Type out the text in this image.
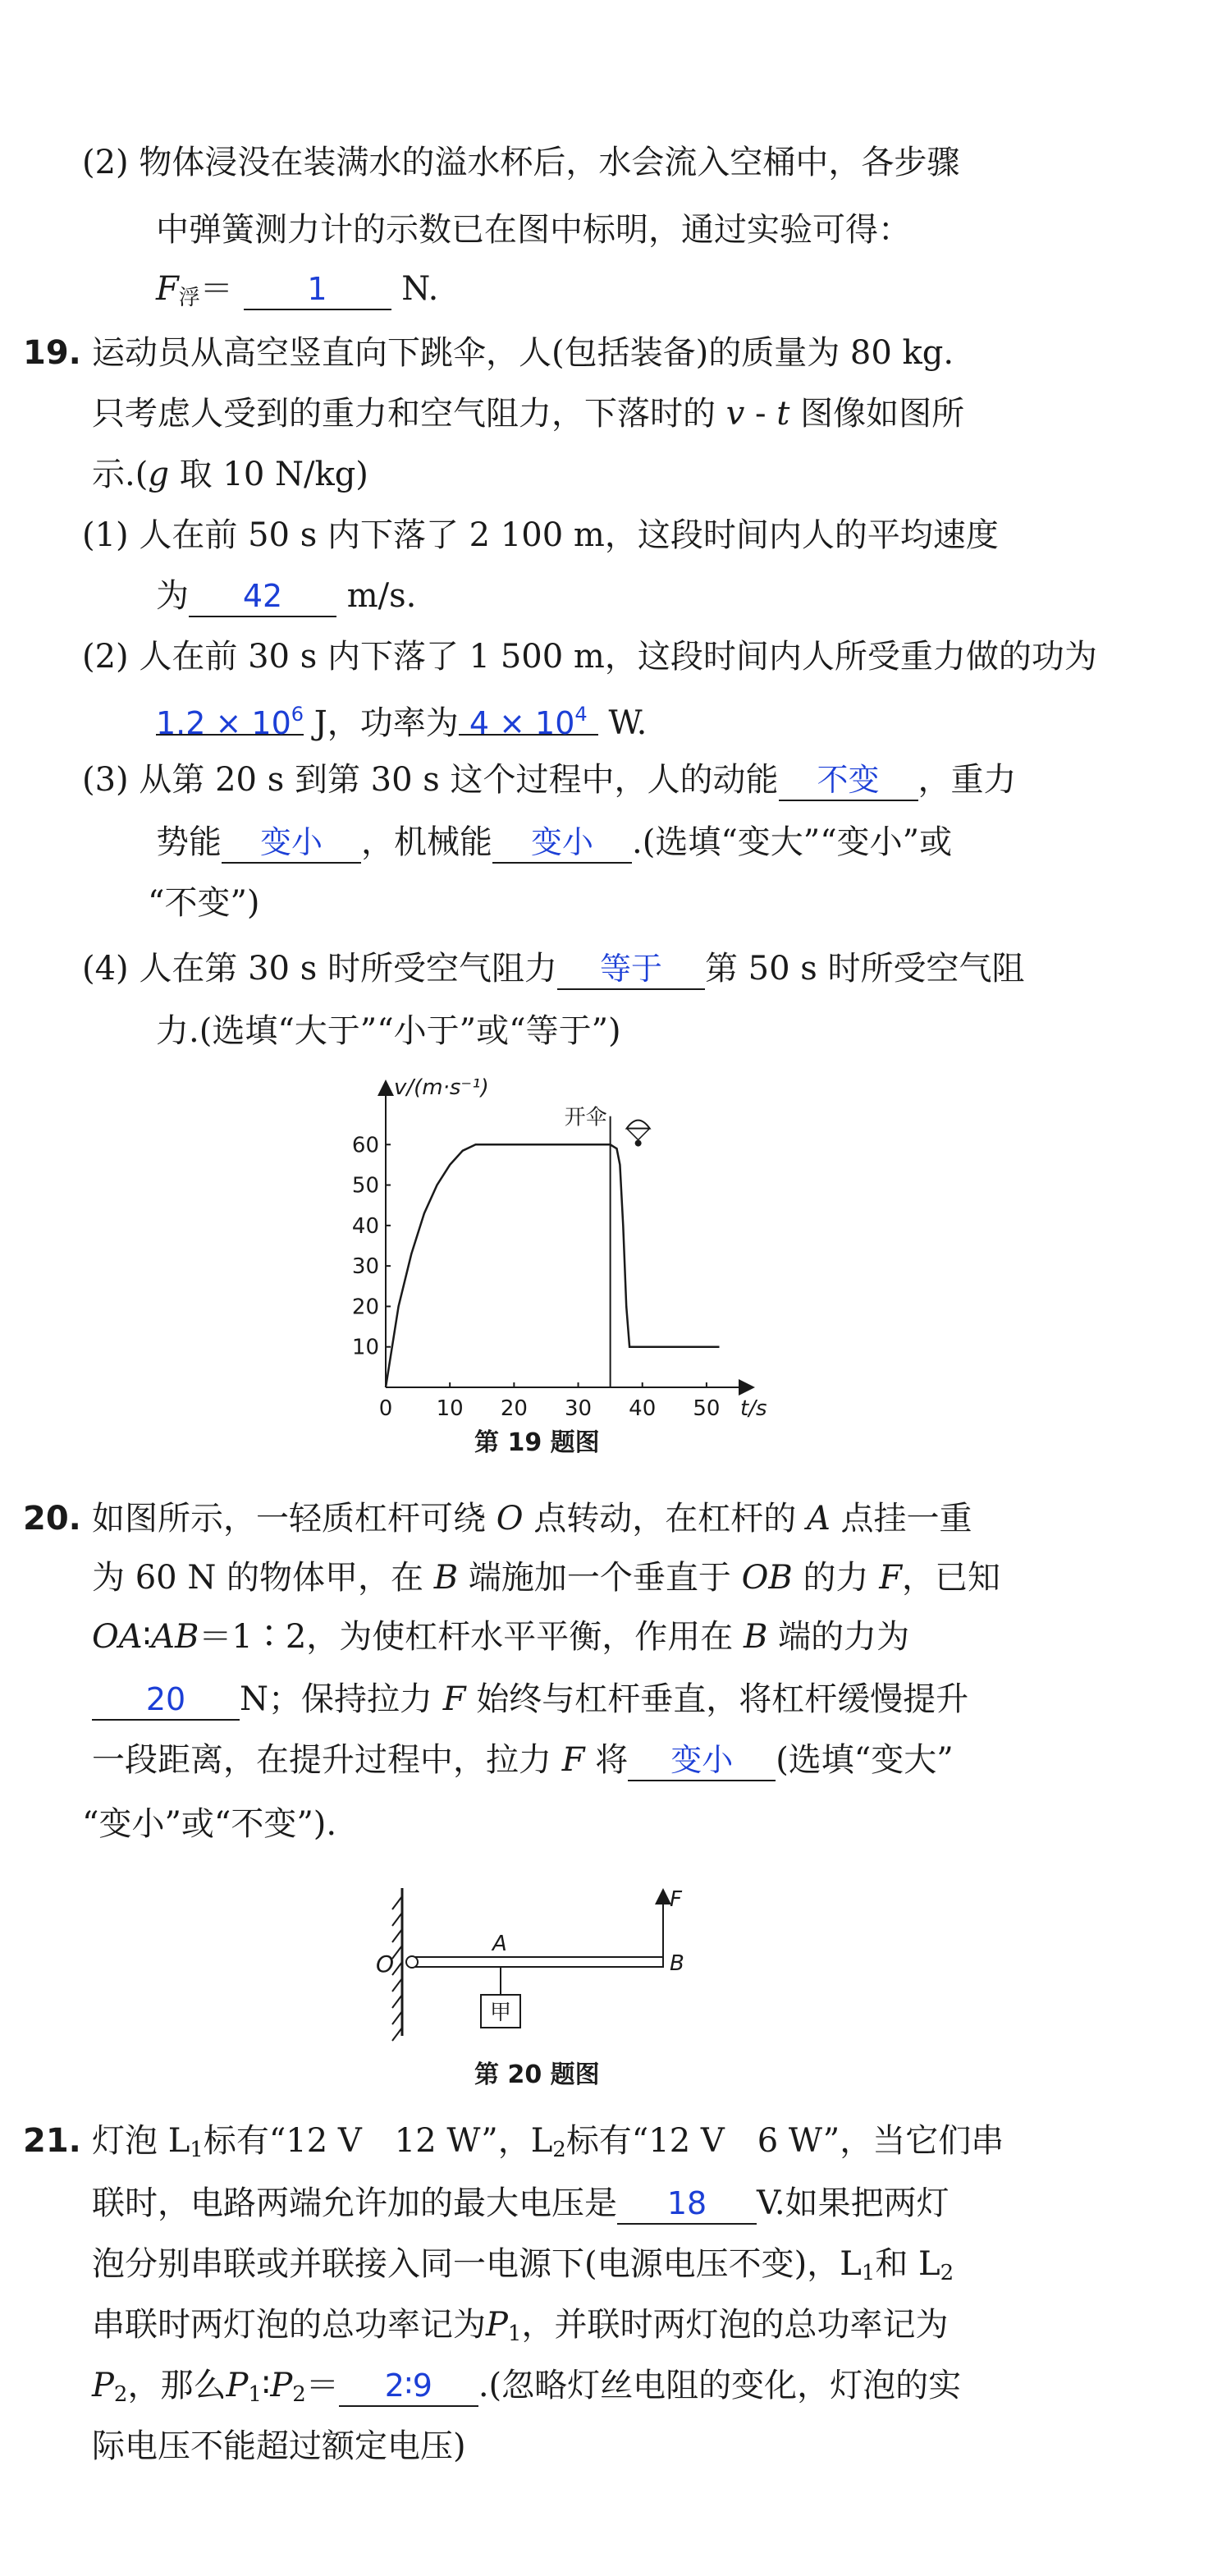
(2) 物体浸没在装满水的溢水杯后，水会流入空桶中，各步骤
中弹簧测力计的示数已在图中标明，通过实验可得：
$F_浮= 1$ N.
19. 运动员从高空竖直向下跳伞，人(包括装备)的质量为 80 kg.
只考虑人受到的重力和空气阻力，下落时的 v - t 图像如图所
示.(g 取 10 N/kg)
(1) 人在前 50 s 内下落了 2 100 m，这段时间内人的平均速度
为 42 m/s.
(2) 人在前 30 s 内下落了 1 500 m，这段时间内人所受重力做的功为
$1.2 \times 10^6$ J，功率为 $4 \times 10^4$ W.
(3) 从第 20 s 到第 30 s 这个过程中，人的动能 不变 ，重力
势能 变小 ，机械能 变小 .(选填“变大”“变小”或
“不变”)
(4) 人在第 30 s 时所受空气阻力 等于 第 50 s 时所受空气阻
力.(选填“大于”“小于”或“等于”)
v/(m·s⁻¹)
t/s
0 10 20 30 40 50
10
20
30
40
50
60
开伞
第 19 题图
20. 如图所示，一轻质杠杆可绕 O 点转动，在杠杆的 A 点挂一重
为 60 N 的物体甲，在 B 端施加一个垂直于 OB 的力 F，已知
OA∶AB＝1∶2，为使杠杆水平平衡，作用在 B 端的力为
20 N；保持拉力 F 始终与杠杆垂直，将杠杆缓慢提升
一段距离，在提升过程中，拉力 F 将 变小 (选填“变大”
“变小”或“不变”).
甲
O
A
B
F
第 20 题图
21. 灯泡 $L_1$标有“12 V　12 W”，$L_2$标有“12 V　6 W”，当它们串
联时，电路两端允许加的最大电压是 18 V.如果把两灯
泡分别串联或并联接入同一电源下(电源电压不变)，$L_1$和 $L_2$
串联时两灯泡的总功率记为$P_1$，并联时两灯泡的总功率记为
$P_2$，那么$P_1∶P_2=$ 2∶9 .(忽略灯丝电阻的变化，灯泡的实
际电压不能超过额定电压)
